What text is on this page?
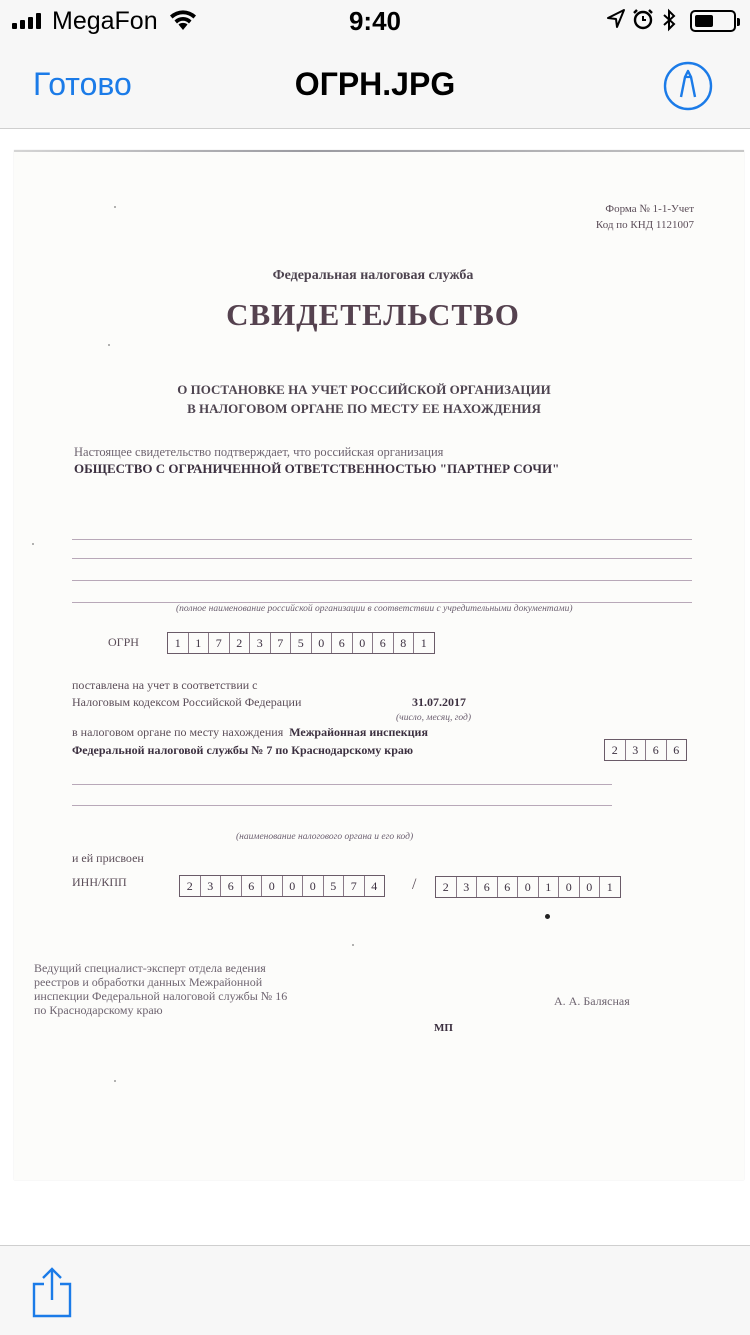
MegaFon	9:40
Готово	ОГРН.JPG
Форма № 1-1-Учет
Код по КНД 1121007
Федеральная налоговая служба
СВИДЕТЕЛЬСТВО
О ПОСТАНОВКЕ НА УЧЕТ РОССИЙСКОЙ ОРГАНИЗАЦИИ
В НАЛОГОВОМ ОРГАНЕ ПО МЕСТУ ЕЕ НАХОЖДЕНИЯ
Настоящее свидетельство подтверждает, что российская организация
ОБЩЕСТВО С ОГРАНИЧЕННОЙ ОТВЕТСТВЕННОСТЬЮ "ПАРТНЕР СОЧИ"
(полное наименование российской организации в соответствии с учредительными документами)
ОГРН	1	1	7	2	3	7	5	0	6	0	6	8	1
поставлена на учет в соответствии с
Налоговым кодексом Российской Федерации	31.07.2017
(число, месяц, год)
в налоговом органе по месту нахождения Межрайонная инспекция
Федеральной налоговой службы № 7 по Краснодарскому краю	2	3	6	6
(наименование налогового органа и его код)
и ей присвоен
ИНН/КПП	2	3	6	6	0	0	0	5	7	4	/	2	3	6	6	0	1	0	0	1
Ведущий специалист-эксперт отдела ведения
реестров и обработки данных Межрайонной
инспекции Федеральной налоговой службы № 16
по Краснодарскому краю
А. А. Балясная
МП
